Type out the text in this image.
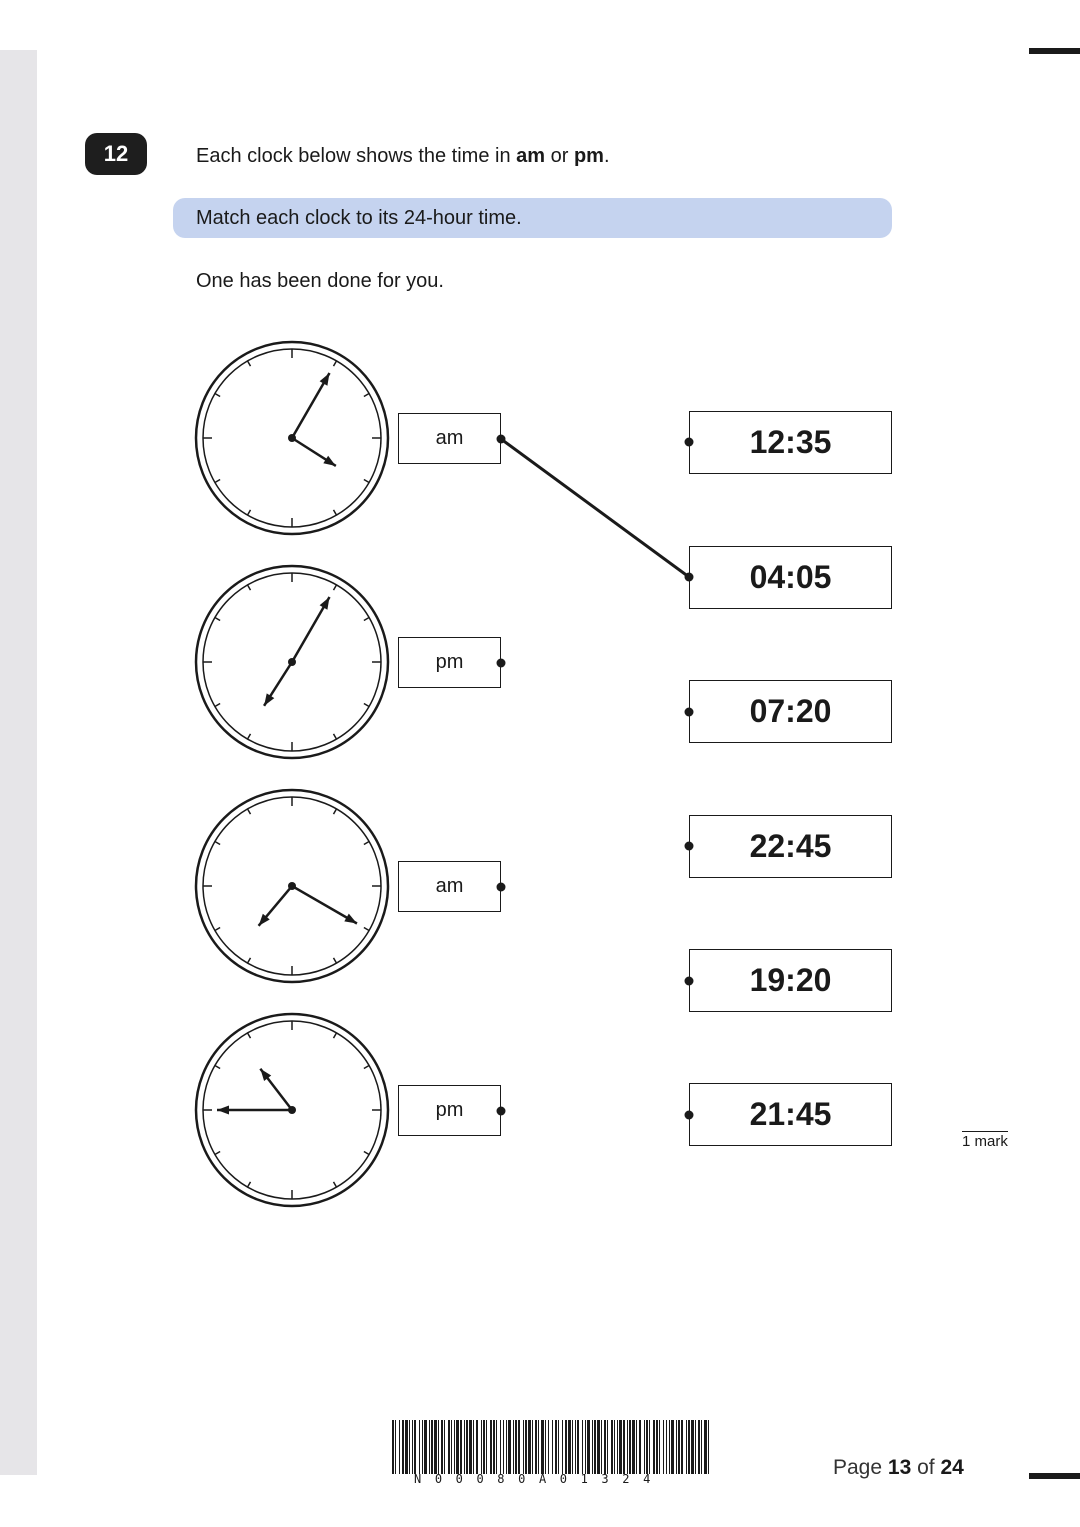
12	Each clock below shows the time in am or pm.
Match each clock to its 24-hour time.
One has been done for you.
am
pm
am
pm
12:35
04:05
07:20
22:45
19:20
21:45
1 mark
N00080A01324	Page 13 of 24
